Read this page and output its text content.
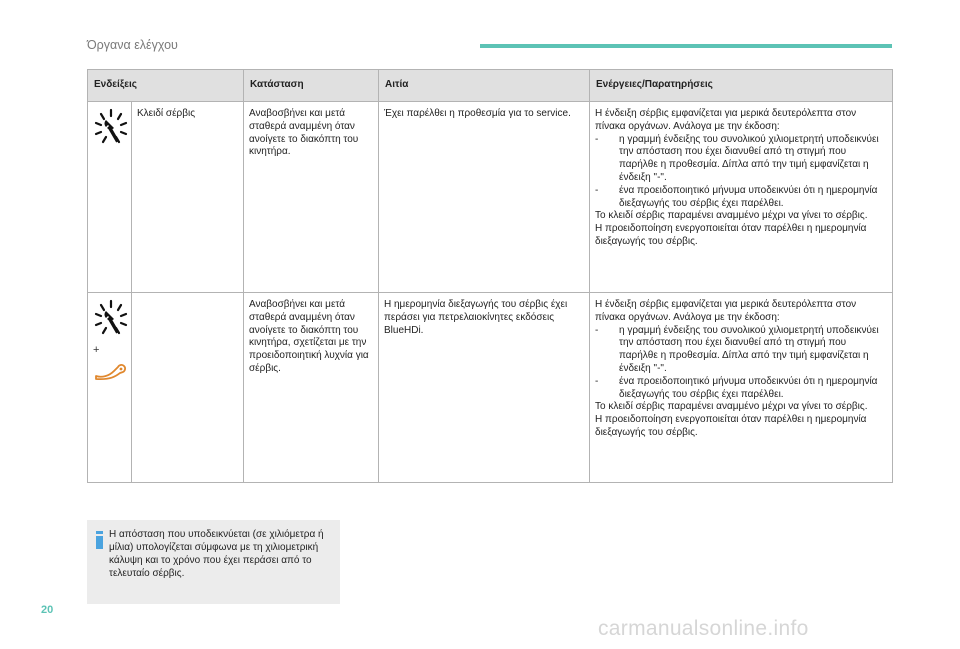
Όργανα ελέγχου
Ενδείξεις		Κατάσταση	Αιτία	Ενέργειες/Παρατηρήσεις

	Κλειδί σέρβις	Αναβοσβήνει και μετά σταθερά αναμμένη όταν ανοίγετε το διακόπτη του κινητήρα.	Έχει παρέλθει η προθεσμία για το service.	Η ένδειξη σέρβις εμφανίζεται για μερικά δευτερόλεπτα στον πίνακα οργάνων. Ανάλογα με την έκδοση:
- η γραμμή ένδειξης του συνολικού χιλιομετρητή υποδεικνύει την απόσταση που έχει διανυθεί από τη στιγμή που παρήλθε η προθεσμία. Δίπλα από την τιμή εμφανίζεται η ένδειξη "-".
- ένα προειδοποιητικό μήνυμα υποδεικνύει ότι η ημερομηνία διεξαγωγής του σέρβις έχει παρέλθει.
Το κλειδί σέρβις παραμένει αναμμένο μέχρι να γίνει το σέρβις.
Η προειδοποίηση ενεργοποιείται όταν παρέλθει η ημερομηνία διεξαγωγής του σέρβις.

+		Αναβοσβήνει και μετά σταθερά αναμμένη όταν ανοίγετε το διακόπτη του κινητήρα, σχετίζεται με την προειδοποιητική λυχνία για σέρβις.	Η ημερομηνία διεξαγωγής του σέρβις έχει περάσει για πετρελαιοκίνητες εκδόσεις BlueHDi.	Η ένδειξη σέρβις εμφανίζεται για μερικά δευτερόλεπτα στον πίνακα οργάνων. Ανάλογα με την έκδοση:
- η γραμμή ένδειξης του συνολικού χιλιομετρητή υποδεικνύει την απόσταση που έχει διανυθεί από τη στιγμή που παρήλθε η προθεσμία. Δίπλα από την τιμή εμφανίζεται η ένδειξη "-".
- ένα προειδοποιητικό μήνυμα υποδεικνύει ότι η ημερομηνία διεξαγωγής του σέρβις έχει παρέλθει.
Το κλειδί σέρβις παραμένει αναμμένο μέχρι να γίνει το σέρβις.
Η προειδοποίηση ενεργοποιείται όταν παρέλθει η ημερομηνία διεξαγωγής του σέρβις.
Η απόσταση που υποδεικνύεται (σε χιλιόμετρα ή μίλια) υπολογίζεται σύμφωνα με τη χιλιομετρική κάλυψη και το χρόνο που έχει περάσει από το τελευταίο σέρβις.
20
carmanualsonline.info
